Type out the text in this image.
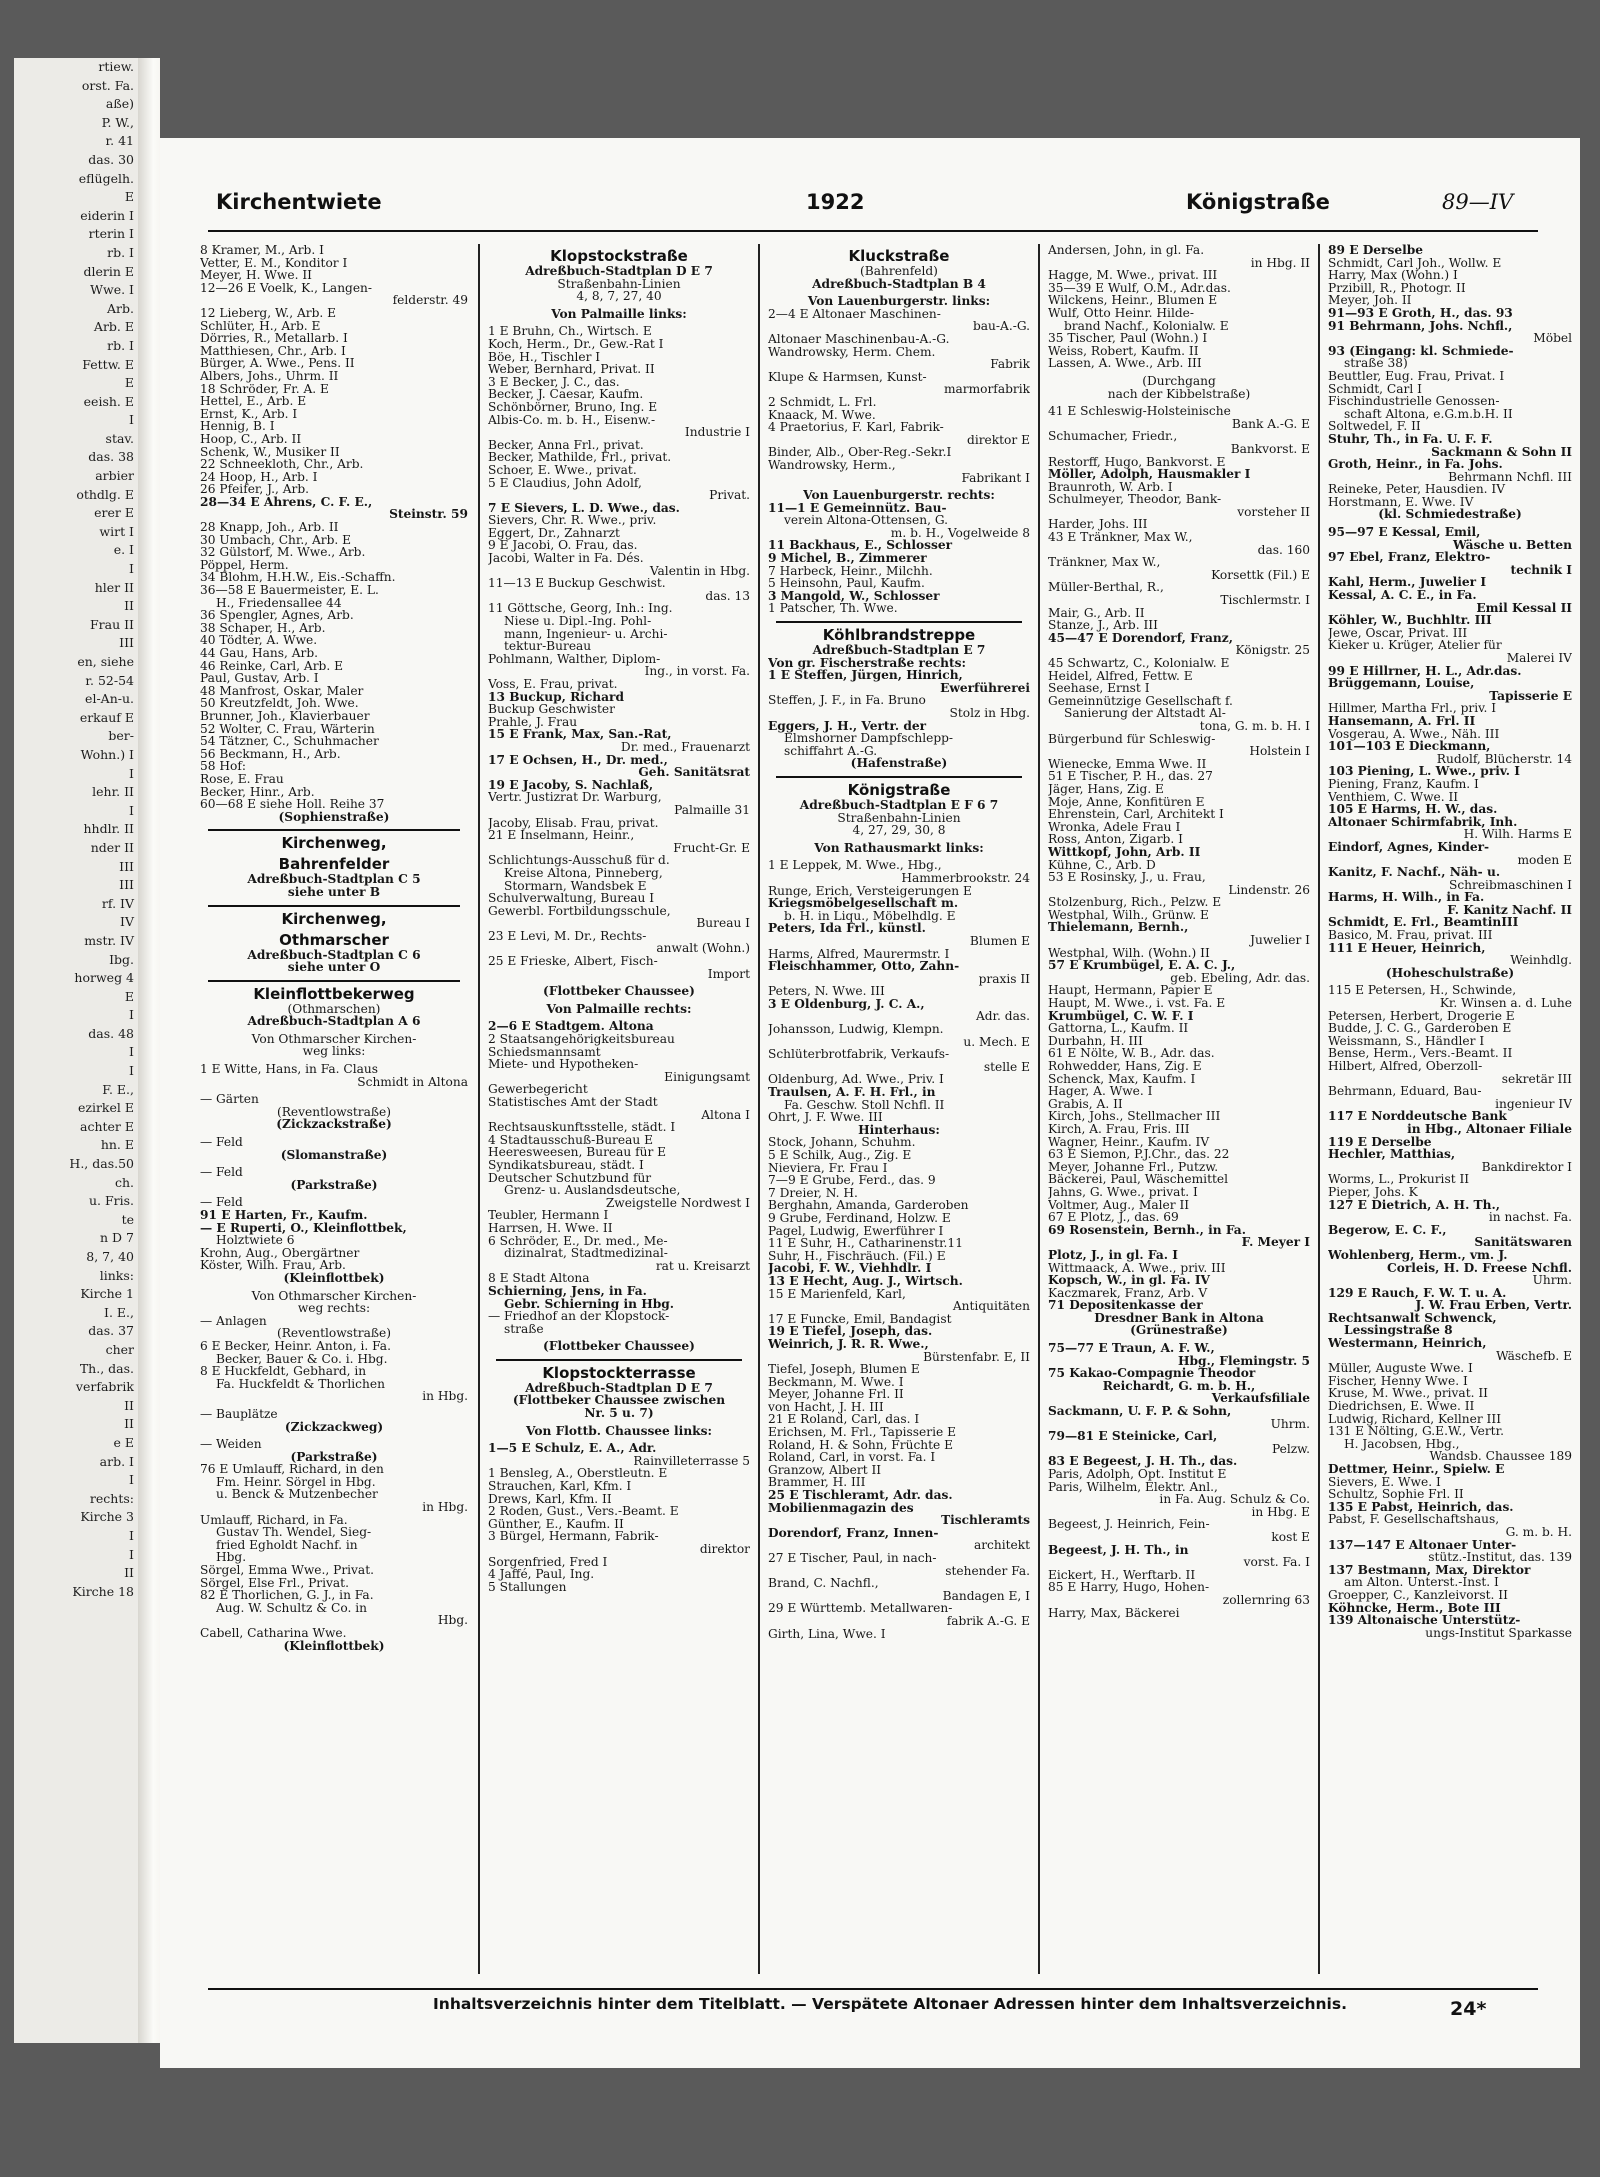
rtiew.
orst. Fa.
aße)
P. W.,
r. 41
das. 30
eflügelh.
E
eiderin I
rterin I
rb. I
dlerin E
Wwe. I
Arb.
Arb. E
rb. I
Fettw. E
E
eeish. E
I
stav.
das. 38
arbier
othdlg. E
erer E
wirt I
e. I
I
hler II
II
Frau II
III
en, siehe
r. 52-54
el-An-u.
erkauf E
ber-
Wohn.) I
I
lehr. II
I
hhdlr. II
nder II
III
III
rf. IV
IV
mstr. IV
Ibg.
horweg 4
E
I
das. 48
I
I
F. E.,
ezirkel E
achter E
hn. E
H., das.50
ch.
u. Fris.
te
n D 7
8, 7, 40
links:
Kirche 1
I. E.,
das. 37
cher
Th., das.
verfabrik
II
II
e E
arb. I
I
rechts:
Kirche 3
I
I
II
Kirche 18
Kirchentwiete	1922	Königstraße	89—IV
8 Kramer, M., Arb. I
Vetter, E. M., Konditor I
Meyer, H. Wwe. II
12—26 E Voelk, K., Langen-
felderstr. 49
12 Lieberg, W., Arb. E
Schlüter, H., Arb. E
Dörries, R., Metallarb. I
Matthiesen, Chr., Arb. I
Bürger, A. Wwe., Pens. II
Albers, Johs., Uhrm. II
18 Schröder, Fr. A. E
Hettel, E., Arb. E
Ernst, K., Arb. I
Hennig, B. I
Hoop, C., Arb. II
Schenk, W., Musiker II
22 Schneekloth, Chr., Arb.
24 Hoop, H., Arb. I
26 Pfeifer, J., Arb.
28—34 E Ahrens, C. F. E.,
Steinstr. 59
28 Knapp, Joh., Arb. II
30 Umbach, Chr., Arb. E
32 Gülstorf, M. Wwe., Arb.
Pöppel, Herm.
34 Blohm, H.H.W., Eis.-Schaffn.
36—58 E Bauermeister, E. L.
H., Friedensallee 44
36 Spengler, Agnes, Arb.
38 Schaper, H., Arb.
40 Tödter, A. Wwe.
44 Gau, Hans, Arb.
46 Reinke, Carl, Arb. E
Paul, Gustav, Arb. I
48 Manfrost, Oskar, Maler
50 Kreutzfeldt, Joh. Wwe.
Brunner, Joh., Klavierbauer
52 Wolter, C. Frau, Wärterin
54 Tätzner, C., Schuhmacher
56 Beckmann, H., Arb.
58 Hof:
Rose, E. Frau
Becker, Hinr., Arb.
60—68 E siehe Holl. Reihe 37
(Sophienstraße)
Kirchenweg,
Bahrenfelder
Adreßbuch-Stadtplan C 5
siehe unter B
Kirchenweg,
Othmarscher
Adreßbuch-Stadtplan C 6
siehe unter O
Kleinflottbekerweg
(Othmarschen)
Adreßbuch-Stadtplan A 6
Von Othmarscher Kirchen-
weg links:
1 E Witte, Hans, in Fa. Claus
Schmidt in Altona
— Gärten
(Reventlowstraße)
(Zickzackstraße)
— Feld
(Slomanstraße)
— Feld
(Parkstraße)
— Feld
91 E Harten, Fr., Kaufm.
— E Ruperti, O., Kleinflottbek,
Holztwiete 6
Krohn, Aug., Obergärtner
Köster, Wilh. Frau, Arb.
(Kleinflottbek)
Von Othmarscher Kirchen-
weg rechts:
— Anlagen
(Reventlowstraße)
6 E Becker, Heinr. Anton, i. Fa.
Becker, Bauer & Co. i. Hbg.
8 E Huckfeldt, Gebhard, in
Fa. Huckfeldt & Thorlichen
in Hbg.
— Bauplätze
(Zickzackweg)
— Weiden
(Parkstraße)
76 E Umlauff, Richard, in den
Fm. Heinr. Sörgel in Hbg.
u. Benck & Mutzenbecher
in Hbg.
Umlauff, Richard, in Fa.
Gustav Th. Wendel, Sieg-
fried Egholdt Nachf. in
Hbg.
Sörgel, Emma Wwe., Privat.
Sörgel, Else Frl., Privat.
82 E Thorlichen, G. J., in Fa.
Aug. W. Schultz & Co. in
Hbg.
Cabell, Catharina Wwe.
(Kleinflottbek)
Klopstockstraße
Adreßbuch-Stadtplan D E 7
Straßenbahn-Linien
4, 8, 7, 27, 40
Von Palmaille links:
1 E Bruhn, Ch., Wirtsch. E
Koch, Herm., Dr., Gew.-Rat I
Böe, H., Tischler I
Weber, Bernhard, Privat. II
3 E Becker, J. C., das.
Becker, J. Caesar, Kaufm.
Schönbörner, Bruno, Ing. E
Albis-Co. m. b. H., Eisenw.-
Industrie I
Becker, Anna Frl., privat.
Becker, Mathilde, Frl., privat.
Schoer, E. Wwe., privat.
5 E Claudius, John Adolf,
Privat.
7 E Sievers, L. D. Wwe., das.
Sievers, Chr. R. Wwe., priv.
Eggert, Dr., Zahnarzt
9 E Jacobi, O. Frau, das.
Jacobi, Walter in Fa. Dés.
Valentin in Hbg.
11—13 E Buckup Geschwist.
das. 13
11 Göttsche, Georg, Inh.: Ing.
Niese u. Dipl.-Ing. Pohl-
mann, Ingenieur- u. Archi-
tektur-Bureau
Pohlmann, Walther, Diplom-
Ing., in vorst. Fa.
Voss, E. Frau, privat.
13 Buckup, Richard
Buckup Geschwister
Prahle, J. Frau
15 E Frank, Max, San.-Rat,
Dr. med., Frauenarzt
17 E Ochsen, H., Dr. med.,
Geh. Sanitätsrat
19 E Jacoby, S. Nachlaß,
Vertr. Justizrat Dr. Warburg,
Palmaille 31
Jacoby, Elisab. Frau, privat.
21 E Inselmann, Heinr.,
Frucht-Gr. E
Schlichtungs-Ausschuß für d.
Kreise Altona, Pinneberg,
Stormarn, Wandsbek E
Schulverwaltung, Bureau I
Gewerbl. Fortbildungsschule,
Bureau I
23 E Levi, M. Dr., Rechts-
anwalt (Wohn.)
25 E Frieske, Albert, Fisch-
Import
(Flottbeker Chaussee)
Von Palmaille rechts:
2—6 E Stadtgem. Altona
2 Staatsangehörigkeitsbureau
Schiedsmannsamt
Miete- und Hypotheken-
Einigungsamt
Gewerbegericht
Statistisches Amt der Stadt
Altona I
Rechtsauskunftsstelle, städt. I
4 Stadtausschuß-Bureau E
Heeresweesen, Bureau für E
Syndikatsbureau, städt. I
Deutscher Schutzbund für
Grenz- u. Auslandsdeutsche,
Zweigstelle Nordwest I
Teubler, Hermann I
Harrsen, H. Wwe. II
6 Schröder, E., Dr. med., Me-
dizinalrat, Stadtmedizinal-
rat u. Kreisarzt
8 E Stadt Altona
Schierning, Jens, in Fa.
Gebr. Schierning in Hbg.
— Friedhof an der Klopstock-
straße
(Flottbeker Chaussee)
Klopstockterrasse
Adreßbuch-Stadtplan D E 7
(Flottbeker Chaussee zwischen
Nr. 5 u. 7)
Von Flottb. Chaussee links:
1—5 E Schulz, E. A., Adr.
Rainvilleterrasse 5
1 Bensleg, A., Oberstleutn. E
Strauchen, Karl, Kfm. I
Drews, Karl, Kfm. II
2 Roden, Gust., Vers.-Beamt. E
Günther, E., Kaufm. II
3 Bürgel, Hermann, Fabrik-
direktor
Sorgenfried, Fred I
4 Jaffé, Paul, Ing.
5 Stallungen
Kluckstraße
(Bahrenfeld)
Adreßbuch-Stadtplan B 4
Von Lauenburgerstr. links:
2—4 E Altonaer Maschinen-
bau-A.-G.
Altonaer Maschinenbau-A.-G.
Wandrowsky, Herm. Chem.
Fabrik
Klupe & Harmsen, Kunst-
marmorfabrik
2 Schmidt, L. Frl.
Knaack, M. Wwe.
4 Praetorius, F. Karl, Fabrik-
direktor E
Binder, Alb., Ober-Reg.-Sekr.I
Wandrowsky, Herm.,
Fabrikant I
Von Lauenburgerstr. rechts:
11—1 E Gemeinnütz. Bau-
verein Altona-Ottensen, G.
m. b. H., Vogelweide 8
11 Backhaus, E., Schlosser
9 Michel, B., Zimmerer
7 Harbeck, Heinr., Milchh.
5 Heinsohn, Paul, Kaufm.
3 Mangold, W., Schlosser
1 Patscher, Th. Wwe.
Köhlbrandstreppe
Adreßbuch-Stadtplan E 7
Von gr. Fischerstraße rechts:
1 E Steffen, Jürgen, Hinrich,
Ewerführerei
Steffen, J. F., in Fa. Bruno
Stolz in Hbg.
Eggers, J. H., Vertr. der
Elmshorner Dampfschlepp-
schiffahrt A.-G.
(Hafenstraße)
Königstraße
Adreßbuch-Stadtplan E F 6 7
Straßenbahn-Linien
4, 27, 29, 30, 8
Von Rathausmarkt links:
1 E Leppek, M. Wwe., Hbg.,
Hammerbrookstr. 24
Runge, Erich, Versteigerungen E
Kriegsmöbelgesellschaft m.
b. H. in Liqu., Möbelhdlg. E
Peters, Ida Frl., künstl.
Blumen E
Harms, Alfred, Maurermstr. I
Fleischhammer, Otto, Zahn-
praxis II
Peters, N. Wwe. III
3 E Oldenburg, J. C. A.,
Adr. das.
Johansson, Ludwig, Klempn.
u. Mech. E
Schlüterbrotfabrik, Verkaufs-
stelle E
Oldenburg, Ad. Wwe., Priv. I
Traulsen, A. F. H. Frl., in
Fa. Geschw. Stoll Nchfl. II
Ohrt, J. F. Wwe. III
Hinterhaus:
Stock, Johann, Schuhm.
5 E Schilk, Aug., Zig. E
Nieviera, Fr. Frau I
7—9 E Grube, Ferd., das. 9
7 Dreier, N. H.
Berghahn, Amanda, Garderoben
9 Grube, Ferdinand, Holzw. E
Pagel, Ludwig, Ewerführer I
11 E Suhr, H., Catharinenstr.11
Suhr, H., Fischräuch. (Fil.) E
Jacobi, F. W., Viehhdlr. I
13 E Hecht, Aug. J., Wirtsch.
15 E Marienfeld, Karl,
Antiquitäten
17 E Funcke, Emil, Bandagist
19 E Tiefel, Joseph, das.
Weinrich, J. R. R. Wwe.,
Bürstenfabr. E, II
Tiefel, Joseph, Blumen E
Beckmann, M. Wwe. I
Meyer, Johanne Frl. II
von Hacht, J. H. III
21 E Roland, Carl, das. I
Erichsen, M. Frl., Tapisserie E
Roland, H. & Sohn, Früchte E
Roland, Carl, in vorst. Fa. I
Granzow, Albert II
Brammer, H. III
25 E Tischleramt, Adr. das.
Mobilienmagazin des
Tischleramts
Dorendorf, Franz, Innen-
architekt
27 E Tischer, Paul, in nach-
stehender Fa.
Brand, C. Nachfl.,
Bandagen E, I
29 E Württemb. Metallwaren-
fabrik A.-G. E
Girth, Lina, Wwe. I
Andersen, John, in gl. Fa.
in Hbg. II
Hagge, M. Wwe., privat. III
35—39 E Wulf, O.M., Adr.das.
Wilckens, Heinr., Blumen E
Wulf, Otto Heinr. Hilde-
brand Nachf., Kolonialw. E
35 Tischer, Paul (Wohn.) I
Weiss, Robert, Kaufm. II
Lassen, A. Wwe., Arb. III
(Durchgang
nach der Kibbelstraße)
41 E Schleswig-Holsteinische
Bank A.-G. E
Schumacher, Friedr.,
Bankvorst. E
Restorff, Hugo, Bankvorst. E
Möller, Adolph, Hausmakler I
Braunroth, W. Arb. I
Schulmeyer, Theodor, Bank-
vorsteher II
Harder, Johs. III
43 E Tränkner, Max W.,
das. 160
Tränkner, Max W.,
Korsettk (Fil.) E
Müller-Berthal, R.,
Tischlermstr. I
Mair, G., Arb. II
Stanze, J., Arb. III
45—47 E Dorendorf, Franz,
Königstr. 25
45 Schwartz, C., Kolonialw. E
Heidel, Alfred, Fettw. E
Seehase, Ernst I
Gemeinnützige Gesellschaft f.
Sanierung der Altstadt Al-
tona, G. m. b. H. I
Bürgerbund für Schleswig-
Holstein I
Wienecke, Emma Wwe. II
51 E Tischer, P. H., das. 27
Jäger, Hans, Zig. E
Moje, Anne, Konfitüren E
Ehrenstein, Carl, Architekt I
Wronka, Adele Frau I
Ross, Anton, Zigarb. I
Wittkopf, John, Arb. II
Kühne, C., Arb. D
53 E Rosinsky, J., u. Frau,
Lindenstr. 26
Stolzenburg, Rich., Pelzw. E
Westphal, Wilh., Grünw. E
Thielemann, Bernh.,
Juwelier I
Westphal, Wilh. (Wohn.) II
57 E Krumbügel, E. A. C. J.,
geb. Ebeling, Adr. das.
Haupt, Hermann, Papier E
Haupt, M. Wwe., i. vst. Fa. E
Krumbügel, C. W. F. I
Gattorna, L., Kaufm. II
Durbahn, H. III
61 E Nölte, W. B., Adr. das.
Rohwedder, Hans, Zig. E
Schenck, Max, Kaufm. I
Hager, A. Wwe. I
Grabis, A. II
Kirch, Johs., Stellmacher III
Kirch, A. Frau, Fris. III
Wagner, Heinr., Kaufm. IV
63 E Siemon, P.J.Chr., das. 22
Meyer, Johanne Frl., Putzw.
Bäckerei, Paul, Wäschemittel
Jahns, G. Wwe., privat. I
Voltmer, Aug., Maler II
67 E Plotz, J., das. 69
69 Rosenstein, Bernh., in Fa.
F. Meyer I
Plotz, J., in gl. Fa. I
Wittmaack, A. Wwe., priv. III
Kopsch, W., in gl. Fa. IV
Kaczmarek, Franz, Arb. V
71 Depositenkasse der
Dresdner Bank in Altona
(Grünestraße)
75—77 E Traun, A. F. W.,
Hbg., Flemingstr. 5
75 Kakao-Compagnie Theodor
Reichardt, G. m. b. H.,
Verkaufsfiliale
Sackmann, U. F. P. & Sohn,
Uhrm.
79—81 E Steinicke, Carl,
Pelzw.
83 E Begeest, J. H. Th., das.
Paris, Adolph, Opt. Institut E
Paris, Wilhelm, Elektr. Anl.,
in Fa. Aug. Schulz & Co.
in Hbg. E
Begeest, J. Heinrich, Fein-
kost E
Begeest, J. H. Th., in
vorst. Fa. I
Eickert, H., Werftarb. II
85 E Harry, Hugo, Hohen-
zollernring 63
Harry, Max, Bäckerei
89 E Derselbe
Schmidt, Carl Joh., Wollw. E
Harry, Max (Wohn.) I
Przibill, R., Photogr. II
Meyer, Joh. II
91—93 E Groth, H., das. 93
91 Behrmann, Johs. Nchfl.,
Möbel
93 (Eingang: kl. Schmiede-
straße 38)
Beuttler, Eug. Frau, Privat. I
Schmidt, Carl I
Fischindustrielle Genossen-
schaft Altona, e.G.m.b.H. II
Soltwedel, F. II
Stuhr, Th., in Fa. U. F. F.
Sackmann & Sohn II
Groth, Heinr., in Fa. Johs.
Behrmann Nchfl. III
Reineke, Peter, Hausdien. IV
Horstmann, E. Wwe. IV
(kl. Schmiedestraße)
95—97 E Kessal, Emil,
Wäsche u. Betten
97 Ebel, Franz, Elektro-
technik I
Kahl, Herm., Juwelier I
Kessal, A. C. E., in Fa.
Emil Kessal II
Köhler, W., Buchhltr. III
Jewe, Oscar, Privat. III
Kieker u. Krüger, Atelier für
Malerei IV
99 E Hillrner, H. L., Adr.das.
Brüggemann, Louise,
Tapisserie E
Hillmer, Martha Frl., priv. I
Hansemann, A. Frl. II
Vosgerau, A. Wwe., Näh. III
101—103 E Dieckmann,
Rudolf, Blücherstr. 14
103 Piening, L. Wwe., priv. I
Piening, Franz, Kaufm. I
Venthiem, C. Wwe. II
105 E Harms, H. W., das.
Altonaer Schirmfabrik, Inh.
H. Wilh. Harms E
Eindorf, Agnes, Kinder-
moden E
Kanitz, F. Nachf., Näh- u.
Schreibmaschinen I
Harms, H. Wilh., in Fa.
F. Kanitz Nachf. II
Schmidt, E. Frl., BeamtinIII
Basico, M. Frau, privat. III
111 E Heuer, Heinrich,
Weinhdlg.
(Hoheschulstraße)
115 E Petersen, H., Schwinde,
Kr. Winsen a. d. Luhe
Petersen, Herbert, Drogerie E
Budde, J. C. G., Garderoben E
Weissmann, S., Händler I
Bense, Herm., Vers.-Beamt. II
Hilbert, Alfred, Oberzoll-
sekretär III
Behrmann, Eduard, Bau-
ingenieur IV
117 E Norddeutsche Bank
in Hbg., Altonaer Filiale
119 E Derselbe
Hechler, Matthias,
Bankdirektor I
Worms, L., Prokurist II
Pieper, Johs. K
127 E Dietrich, A. H. Th.,
in nachst. Fa.
Begerow, E. C. F.,
Sanitätswaren
Wohlenberg, Herm., vm. J.
Corleis, H. D. Freese Nchfl.
Uhrm.
129 E Rauch, F. W. T. u. A.
J. W. Frau Erben, Vertr.
Rechtsanwalt Schwenck,
Lessingstraße 8
Westermann, Heinrich,
Wäschefb. E
Müller, Auguste Wwe. I
Fischer, Henny Wwe. I
Kruse, M. Wwe., privat. II
Diedrichsen, E. Wwe. II
Ludwig, Richard, Kellner III
131 E Nölting, G.E.W., Vertr.
H. Jacobsen, Hbg.,
Wandsb. Chaussee 189
Dettmer, Heinr., Spielw. E
Sievers, E. Wwe. I
Schultz, Sophie Frl. II
135 E Pabst, Heinrich, das.
Pabst, F. Gesellschaftshaus,
G. m. b. H.
137—147 E Altonaer Unter-
stütz.-Institut, das. 139
137 Bestmann, Max, Direktor
am Alton. Unterst.-Inst. I
Groepper, C., Kanzleivorst. II
Köhncke, Herm., Bote III
139 Altonaische Unterstütz-
ungs-Institut Sparkasse
Inhaltsverzeichnis hinter dem Titelblatt. — Verspätete Altonaer Adressen hinter dem Inhaltsverzeichnis.	24*
